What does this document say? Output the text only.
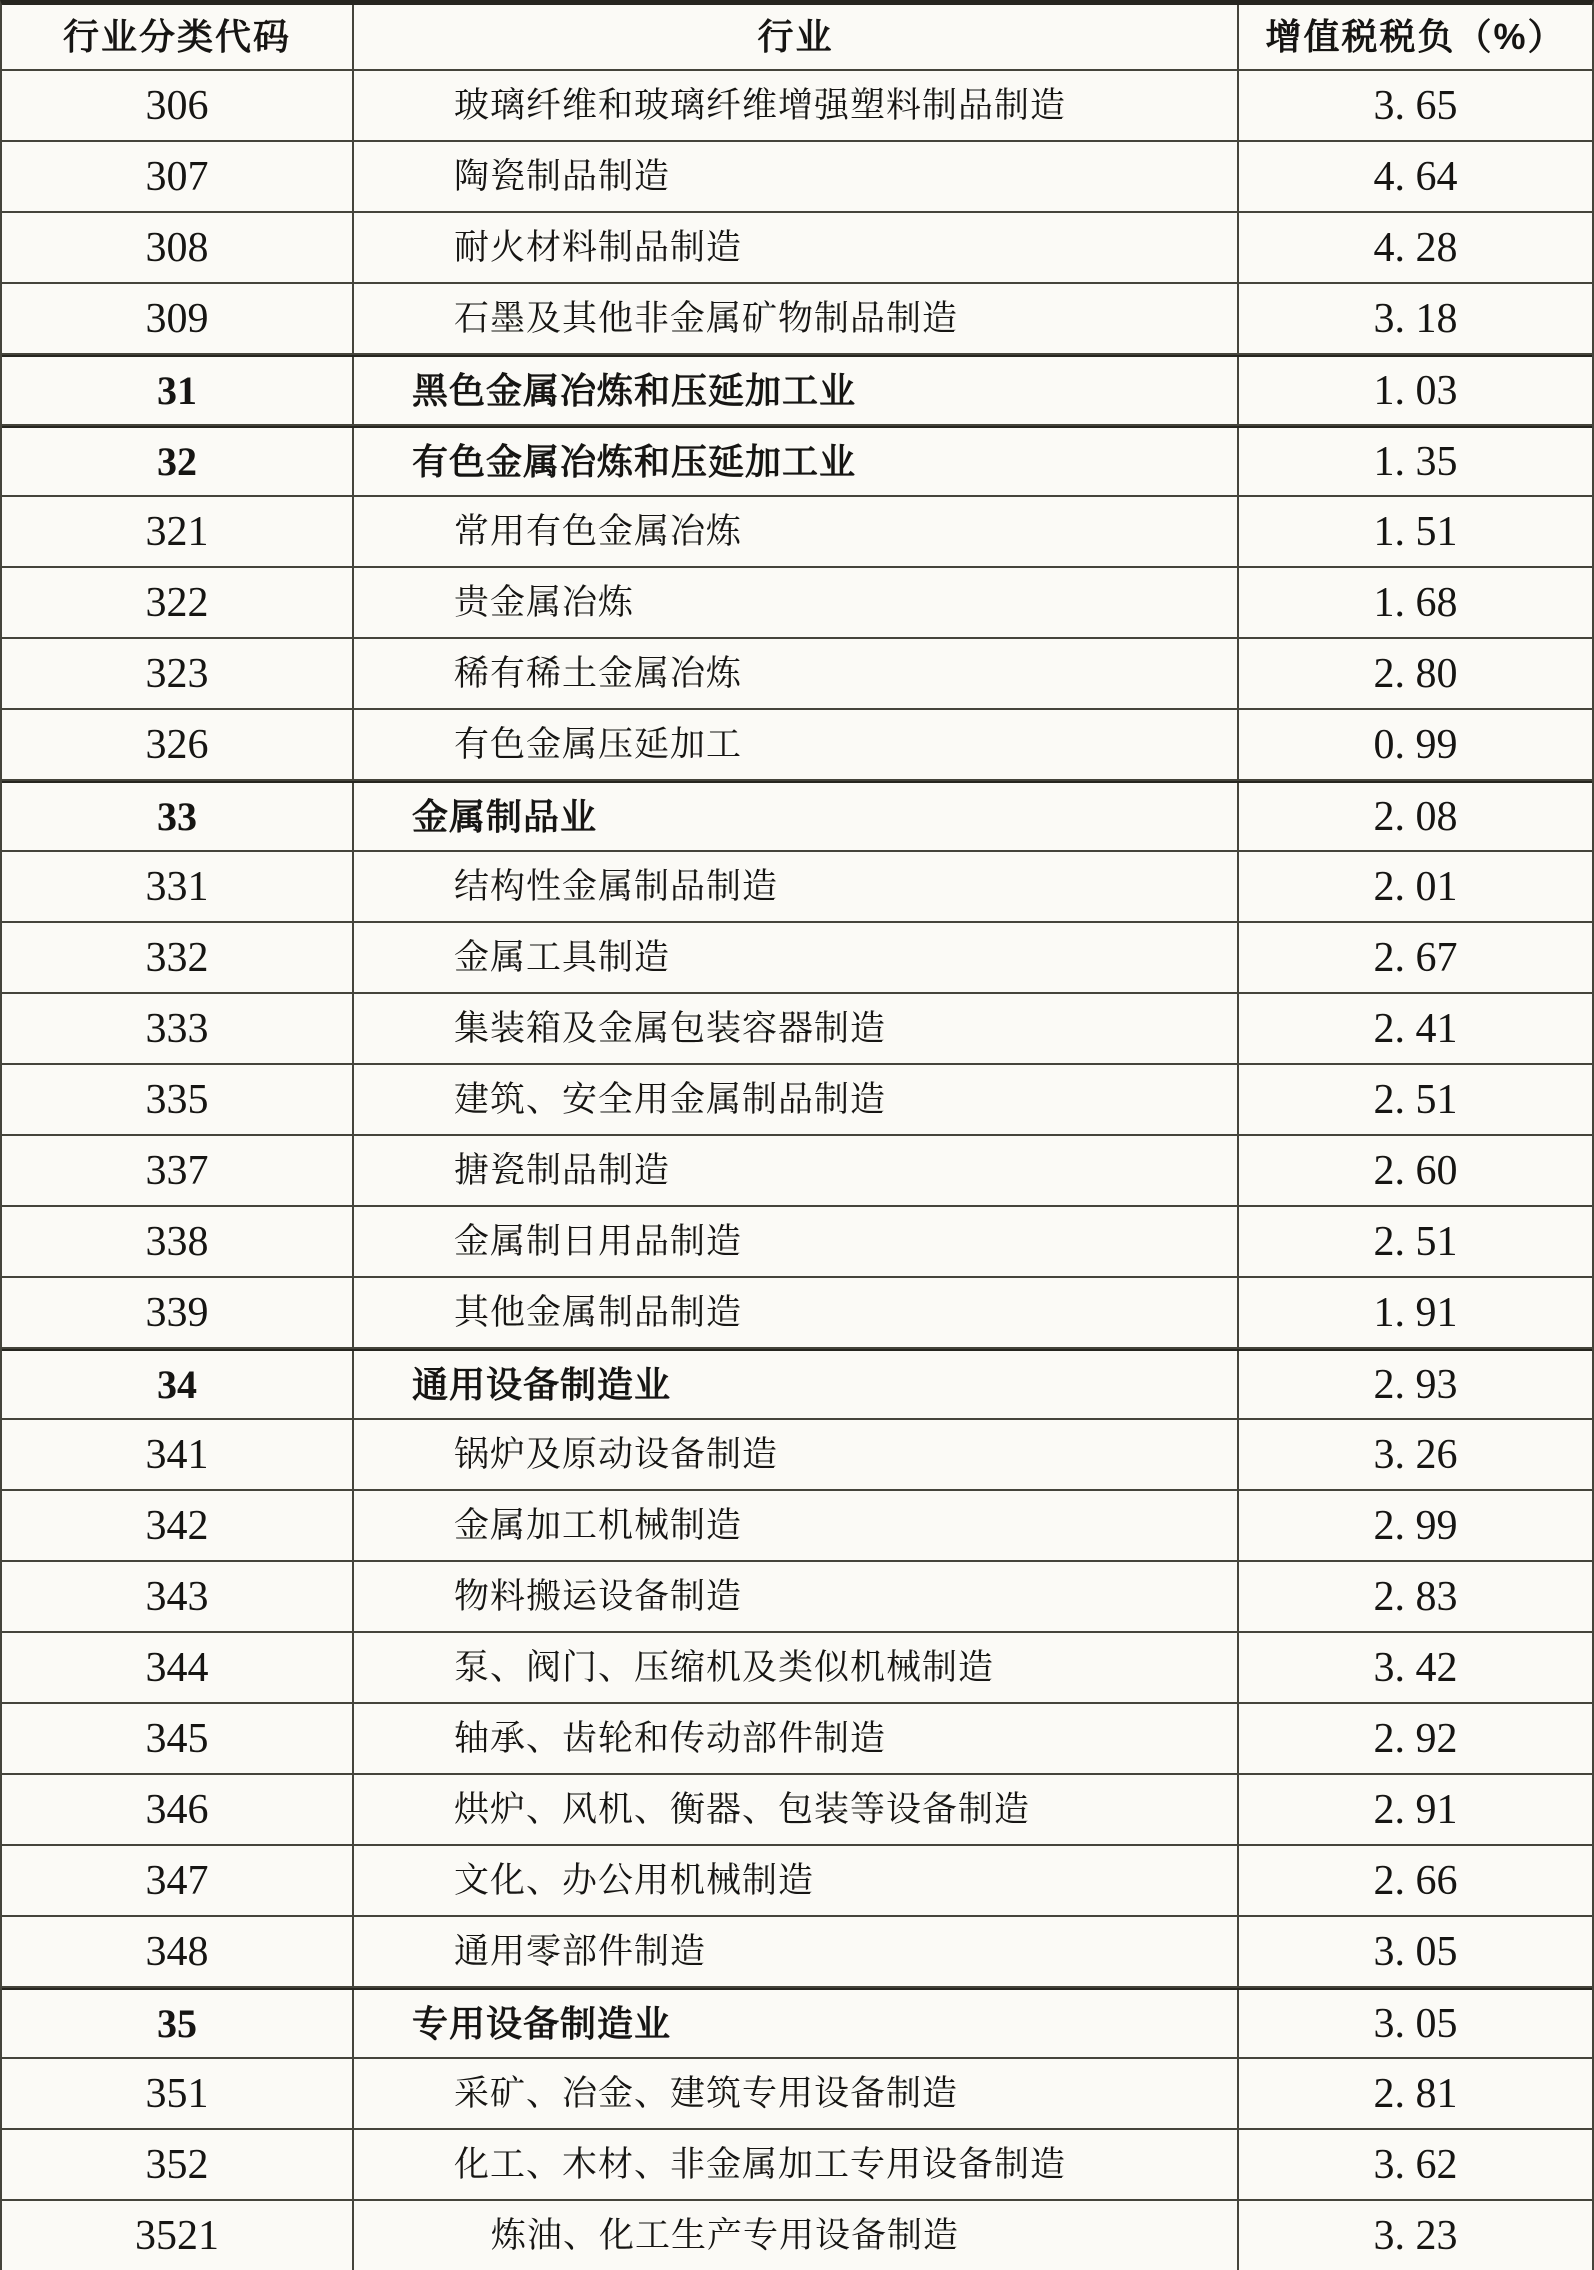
行业分类代码	行业	增值税税负（%）
306	玻璃纤维和玻璃纤维增强塑料制品制造	3. 65
307	陶瓷制品制造	4. 64
308	耐火材料制品制造	4. 28
309	石墨及其他非金属矿物制品制造	3. 18
31	黑色金属冶炼和压延加工业	1. 03
32	有色金属冶炼和压延加工业	1. 35
321	常用有色金属冶炼	1. 51
322	贵金属冶炼	1. 68
323	稀有稀土金属冶炼	2. 80
326	有色金属压延加工	0. 99
33	金属制品业	2. 08
331	结构性金属制品制造	2. 01
332	金属工具制造	2. 67
333	集装箱及金属包装容器制造	2. 41
335	建筑、安全用金属制品制造	2. 51
337	搪瓷制品制造	2. 60
338	金属制日用品制造	2. 51
339	其他金属制品制造	1. 91
34	通用设备制造业	2. 93
341	锅炉及原动设备制造	3. 26
342	金属加工机械制造	2. 99
343	物料搬运设备制造	2. 83
344	泵、阀门、压缩机及类似机械制造	3. 42
345	轴承、齿轮和传动部件制造	2. 92
346	烘炉、风机、衡器、包装等设备制造	2. 91
347	文化、办公用机械制造	2. 66
348	通用零部件制造	3. 05
35	专用设备制造业	3. 05
351	采矿、冶金、建筑专用设备制造	2. 81
352	化工、木材、非金属加工专用设备制造	3. 62
3521	炼油、化工生产专用设备制造	3. 23
